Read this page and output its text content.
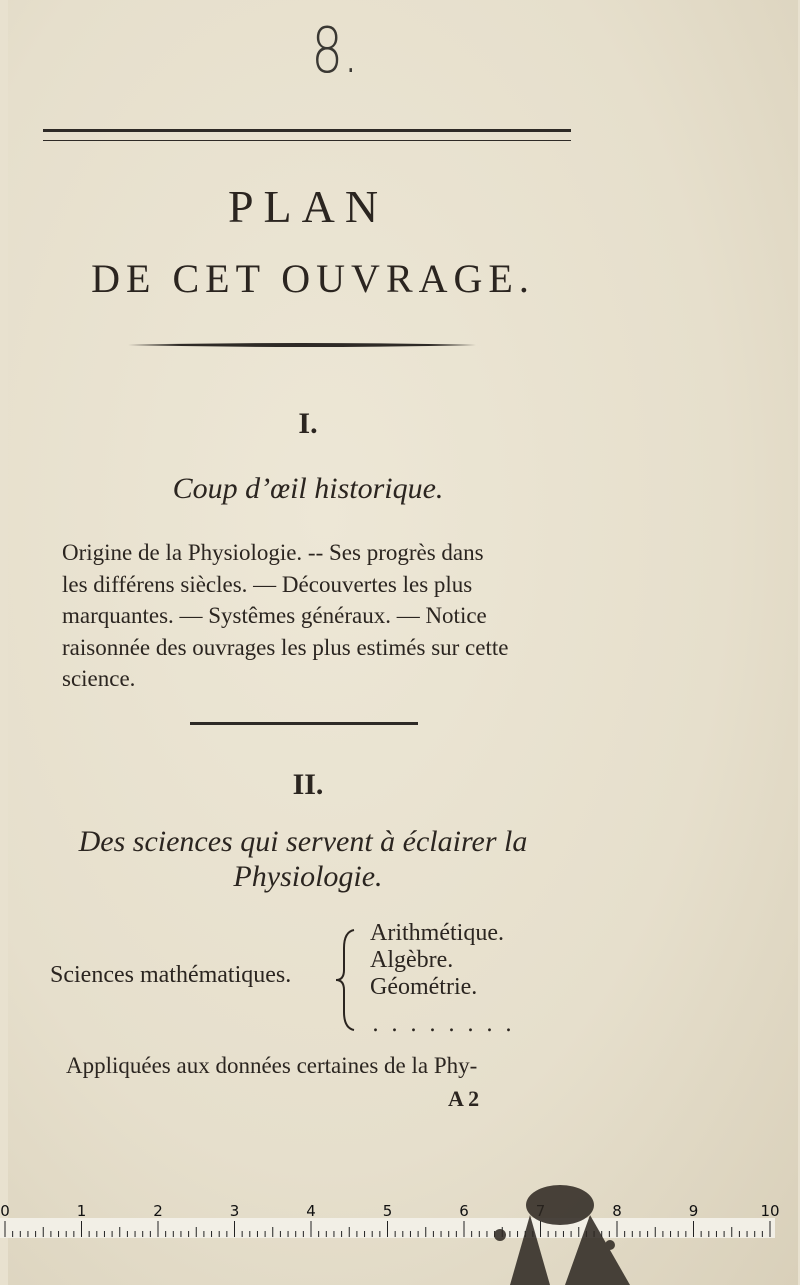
8.
PLAN
DE CET OUVRAGE.
I.
Coup d’œil historique.
Origine de la Physiologie. -- Ses progrès dans
les différens siècles. — Découvertes les plus
marquantes. — Systêmes généraux. — Notice
raisonnée des ouvrages les plus estimés sur cette
science.
II.
Des sciences qui servent à éclairer la
Physiologie.
Sciences mathématiques.
Arithmétique.
Algèbre.
Géométrie.
........
Appliquées aux données certaines de la Phy-
A 2
0	1	2	3	4	5	6	8	9	10
